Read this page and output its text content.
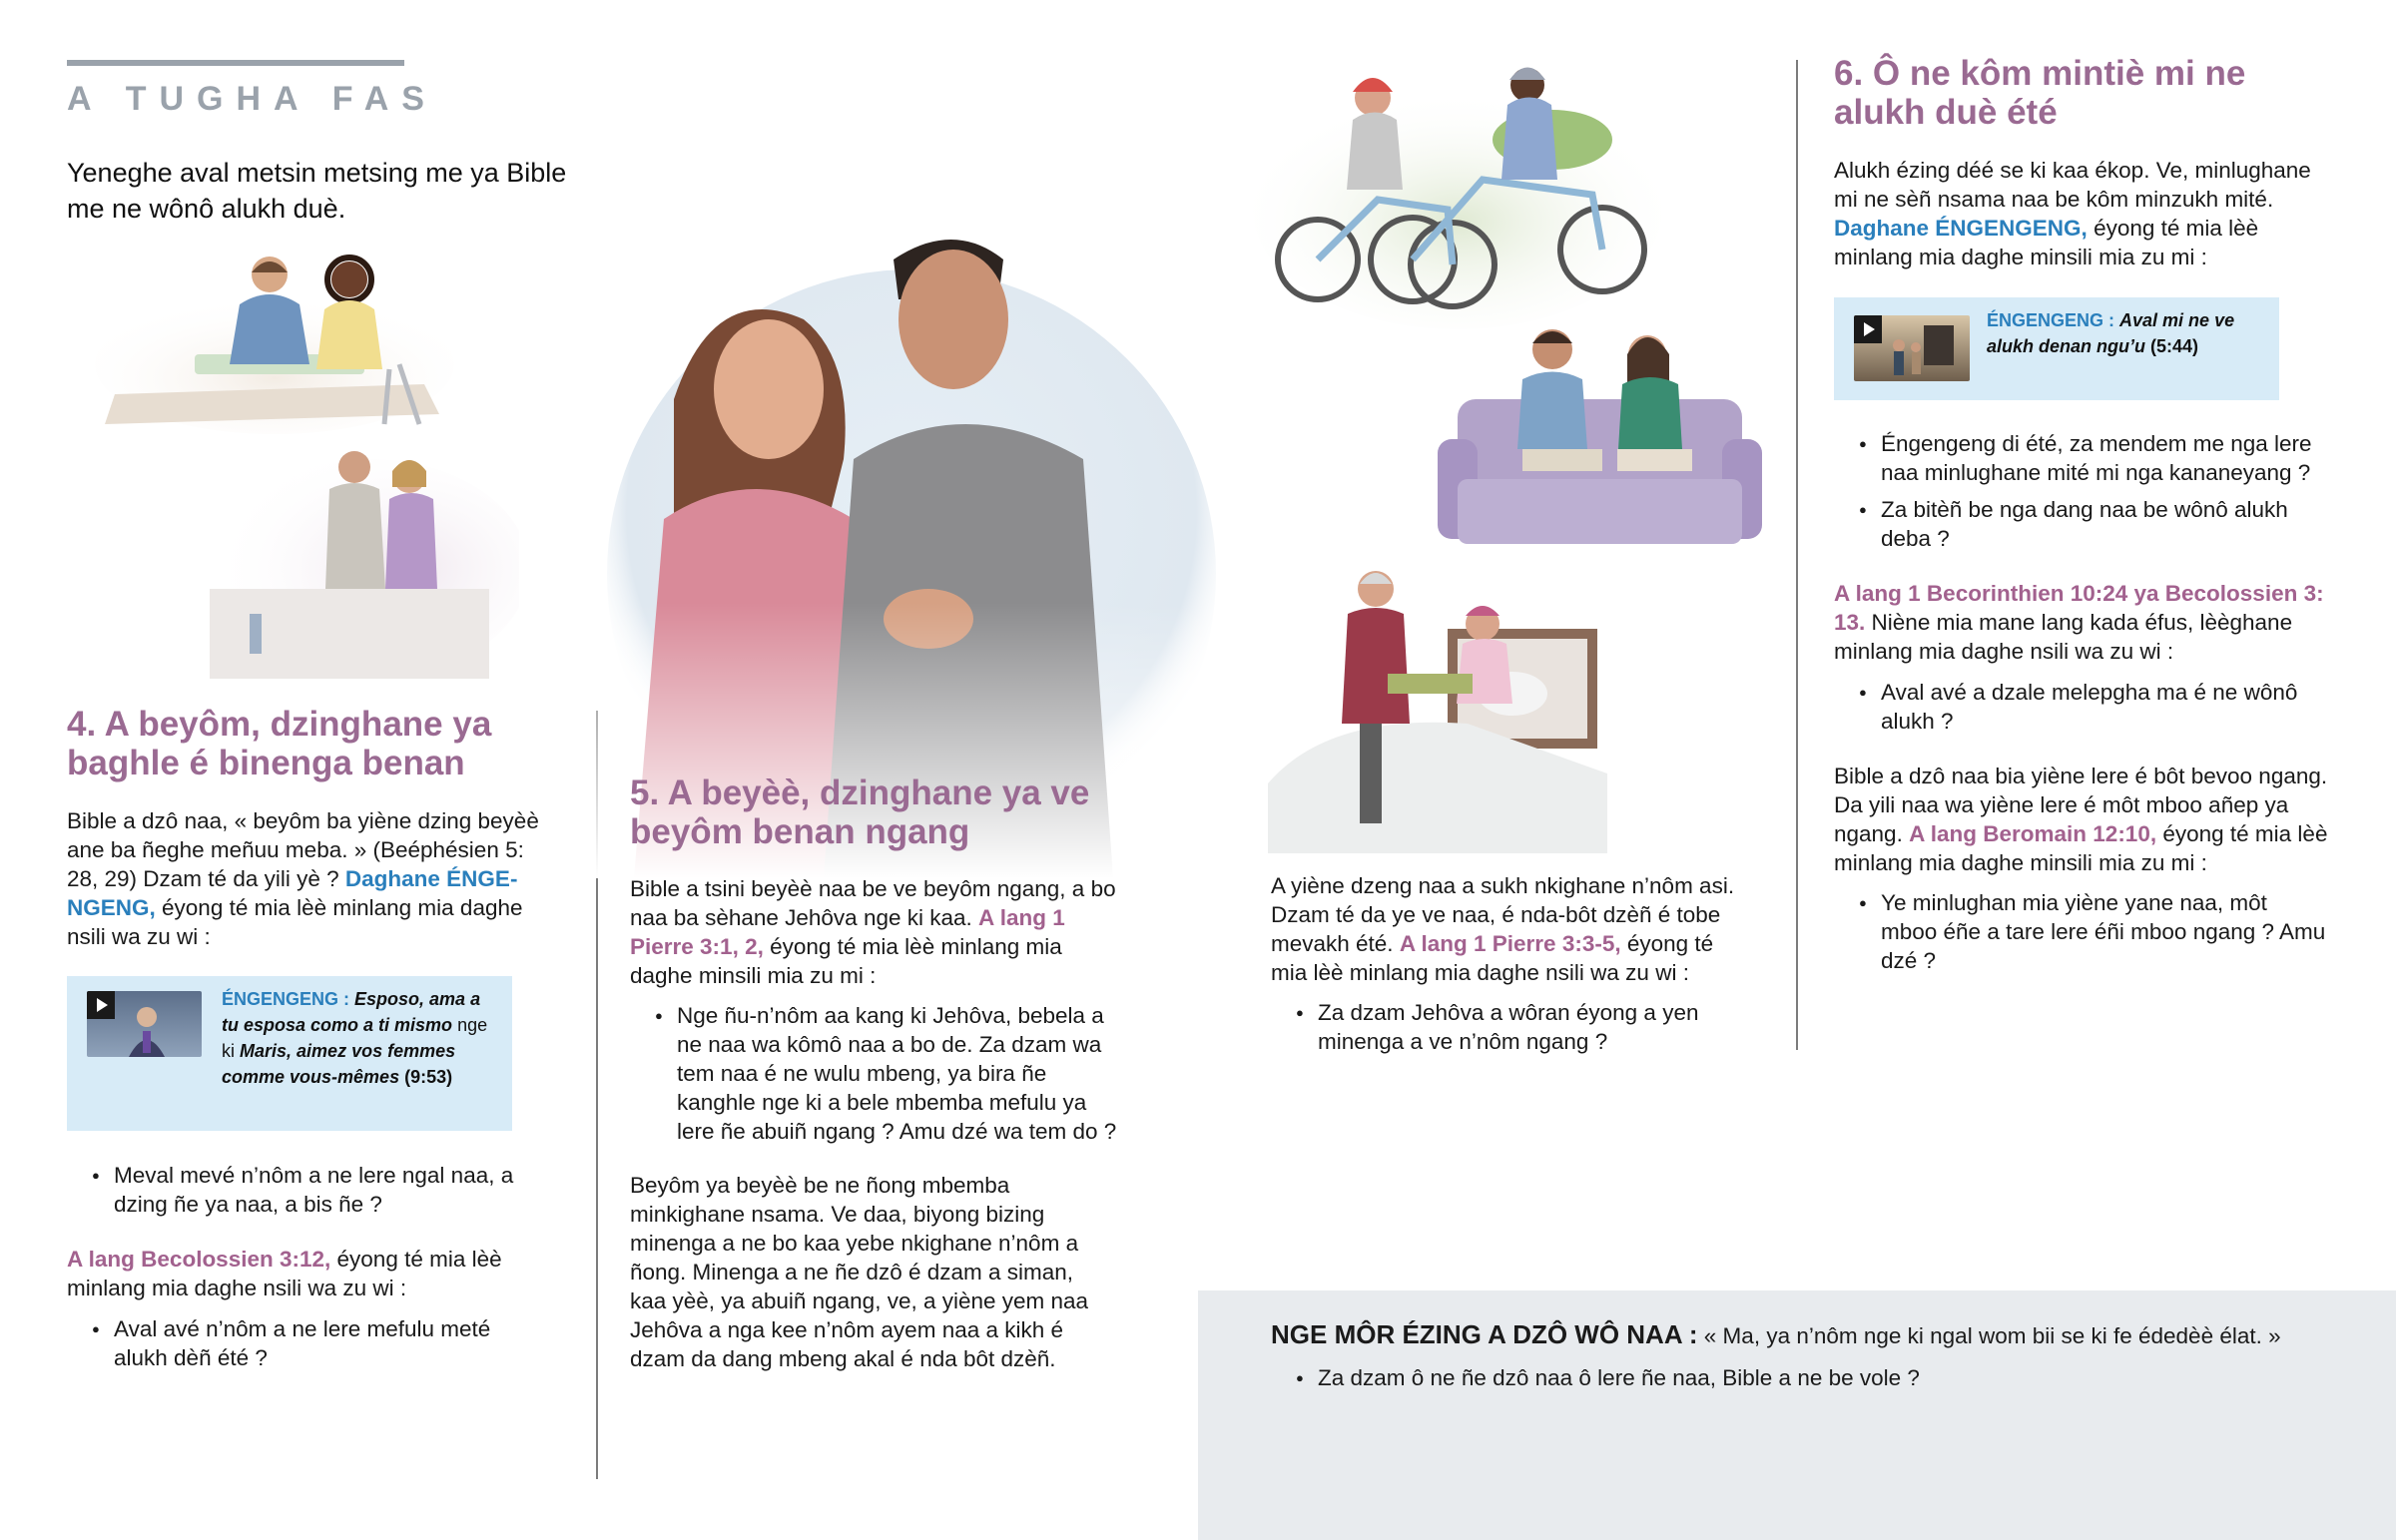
A TUGHA FAS
Yeneghe aval metsin metsing me ya Bible me ne wônô alukh duè.
4. A beyôm, dzinghane ya baghle é binenga benan
Bible a dzô naa, « beyôm ba yiène dzing beyèè ane ba ñeghe meñuu meba. » (Beéphésien 5: 28, 29) Dzam té da yili yè ? Daghane ÉNGE-NGENG, éyong té mia lèè minlang mia daghe nsili wa zu wi :
ÉNGENGENG : Esposo, ama a tu esposa como a ti mismo nge ki Maris, aimez vos femmes comme vous-mêmes (9:53)
● Meval mevé n’nôm a ne lere ngal naa, a dzing ñe ya naa, a bis ñe ?
A lang Becolossien 3:12, éyong té mia lèè minlang mia daghe nsili wa zu wi :
● Aval avé n’nôm a ne lere mefulu meté alukh dèñ été ?
5. A beyèè, dzinghane ya ve beyôm benan ngang
Bible a tsini beyèè naa be ve beyôm ngang, a bo naa ba sèhane Jehôva nge ki kaa. A lang 1 Pierre 3:1, 2, éyong té mia lèè minlang mia daghe minsili mia zu mi :
● Nge ñu-n’nôm aa kang ki Jehôva, bebela a ne naa wa kômô naa a bo de. Za dzam wa tem naa é ne wulu mbeng, ya bira ñe kanghle nge ki a bele mbemba mefulu ya lere ñe abuiñ ngang ? Amu dzé wa tem do ?
Beyôm ya beyèè be ne ñong mbemba minkighane nsama. Ve daa, biyong bizing minenga a ne bo kaa yebe nkighane n’nôm a ñong. Minenga a ne ñe dzô é dzam a siman, kaa yèè, ya abuiñ ngang, ve, a yiène yem naa Jehôva a nga kee n’nôm ayem naa a kikh é dzam da dang mbeng akal é nda bôt dzèñ.
A yiène dzeng naa a sukh nkighane n’nôm asi. Dzam té da ye ve naa, é nda-bôt dzèñ é tobe mevakh été. A lang 1 Pierre 3:3-5, éyong té mia lèè minlang mia daghe nsili wa zu wi :
● Za dzam Jehôva a wôran éyong a yen minenga a ve n’nôm ngang ?
6. Ô ne kôm mintiè mi ne alukh duè été
Alukh ézing déé se ki kaa ékop. Ve, minlughane mi ne sèñ nsama naa be kôm minzukh mité. Daghane ÉNGENGENG, éyong té mia lèè minlang mia daghe minsili mia zu mi :
ÉNGENGENG : Aval mi ne ve alukh denan ngu’u (5:44)
● Éngengeng di été, za mendem me nga lere naa minlughane mité mi nga kananeyang ?
● Za bitèñ be nga dang naa be wônô alukh deba ?
A lang 1 Becorinthien 10:24 ya Becolossien 3: 13. Niène mia mane lang kada éfus, lèèghane minlang mia daghe nsili wa zu wi :
● Aval avé a dzale melepgha ma é ne wônô alukh ?
Bible a dzô naa bia yiène lere é bôt bevoo ngang. Da yili naa wa yiène lere é môt mboo añep ya ngang. A lang Beromain 12:10, éyong té mia lèè minlang mia daghe minsili mia zu mi :
● Ye minlughan mia yiène yane naa, môt mboo éñe a tare lere éñi mboo ngang ? Amu dzé ?
NGE MÔR ÉZING A DZÔ WÔ NAA : « Ma, ya n’nôm nge ki ngal wom bii se ki fe édedèè élat. »
● Za dzam ô ne ñe dzô naa ô lere ñe naa, Bible a ne be vole ?
